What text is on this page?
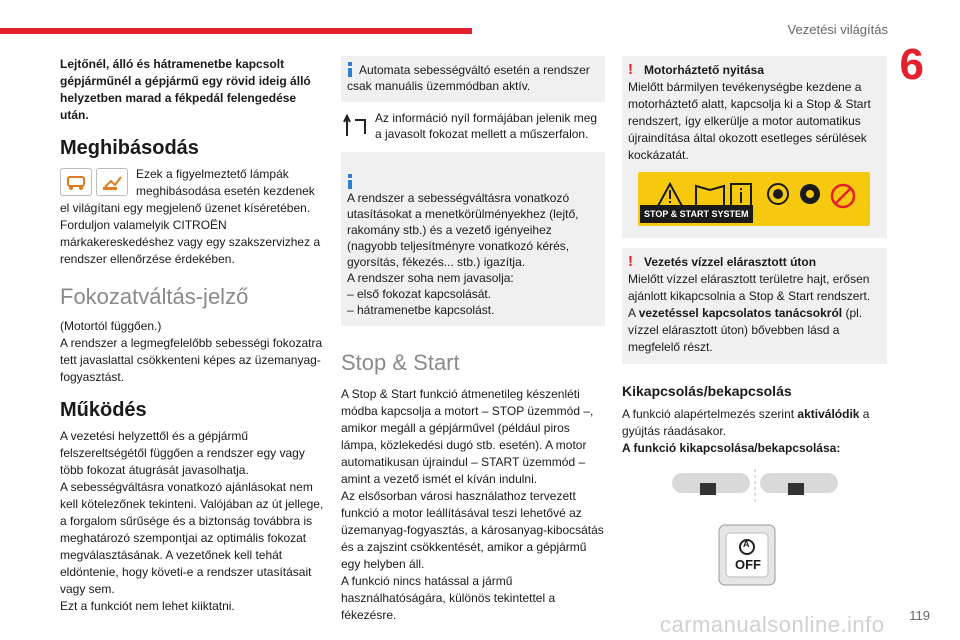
Vezetési világítás
6
119
carmanualsonline.info

Lejtőnél, álló és hátramenetbe kapcsolt gépjárműnél a gépjármű egy rövid ideig álló helyzetben marad a fékpedál felengedése után.

Meghibásodás

Ezek a figyelmeztető lámpák meghibásodása esetén kezdenek el világítani egy megjelenő üzenet kíséretében. Forduljon valamelyik CITROËN márkakereskedéshez vagy egy szakszervizhez a rendszer ellenőrzése érdekében.

Fokozatváltás-jelző

(Motortól függően.)
A rendszer a legmegfelelőbb sebességi fokozatra tett javaslattal csökkenteni képes az üzemanyag-fogyasztást.

Működés

A vezetési helyzettől és a gépjármű felszereltségétől függően a rendszer egy vagy több fokozat átugrását javasolhatja.
A sebességváltásra vonatkozó ajánlásokat nem kell kötelezőnek tekinteni. Valójában az út jellege, a forgalom sűrűsége és a biztonság továbbra is meghatározó szempontjai az optimális fokozat megválasztásának. A vezetőnek kell tehát eldöntenie, hogy követi-e a rendszer utasításait vagy sem.
Ezt a funkciót nem lehet kiiktatni.

Automata sebességváltó esetén a rendszer csak manuális üzemmódban aktív.
Az információ nyíl formájában jelenik meg a javasolt fokozat mellett a műszerfalon.

A rendszer a sebességváltásra vonatkozó utasításokat a menetkörülményekhez (lejtő, rakomány stb.) és a vezető igényeihez (nagyobb teljesítményre vonatkozó kérés, gyorsítás, fékezés... stb.) igazítja.
A rendszer soha nem javasolja:
– első fokozat kapcsolását.
– hátramenetbe kapcsolást.

Stop & Start

A Stop & Start funkció átmenetileg készenléti módba kapcsolja a motort – STOP üzemmód –, amikor megáll a gépjárművel (például piros lámpa, közlekedési dugó stb. esetén). A motor automatikusan újraindul – START üzemmód – amint a vezető ismét el kíván indulni.
Az elsősorban városi használathoz tervezett funkció a motor leállításával teszi lehetővé az üzemanyag-fogyasztás, a károsanyag-kibocsátás és a zajszint csökkentését, amikor a gépjármű egy helyben áll.
A funkció nincs hatással a jármű használhatóságára, különös tekintettel a fékezésre.

! Motorháztető nyitása

Mielőtt bármilyen tevékenységbe kezdene a motorháztető alatt, kapcsolja ki a Stop & Start rendszert, így elkerülje a motor automatikus újraindítása által okozott esetleges sérülések kockázatát.

STOP & START SYSTEM
! Vezetés vízzel elárasztott úton

Mielőtt vízzel elárasztott területre hajt, erősen ajánlott kikapcsolnia a Stop & Start rendszert.

A vezetéssel kapcsolatos tanácsokról (pl. vízzel elárasztott úton) bővebben lásd a megfelelő részt.

Kikapcsolás/bekapcsolás

A funkció alapértelmezés szerint aktiválódik a gyújtás ráadásakor.

A funkció kikapcsolása/bekapcsolása:

A
OFF
